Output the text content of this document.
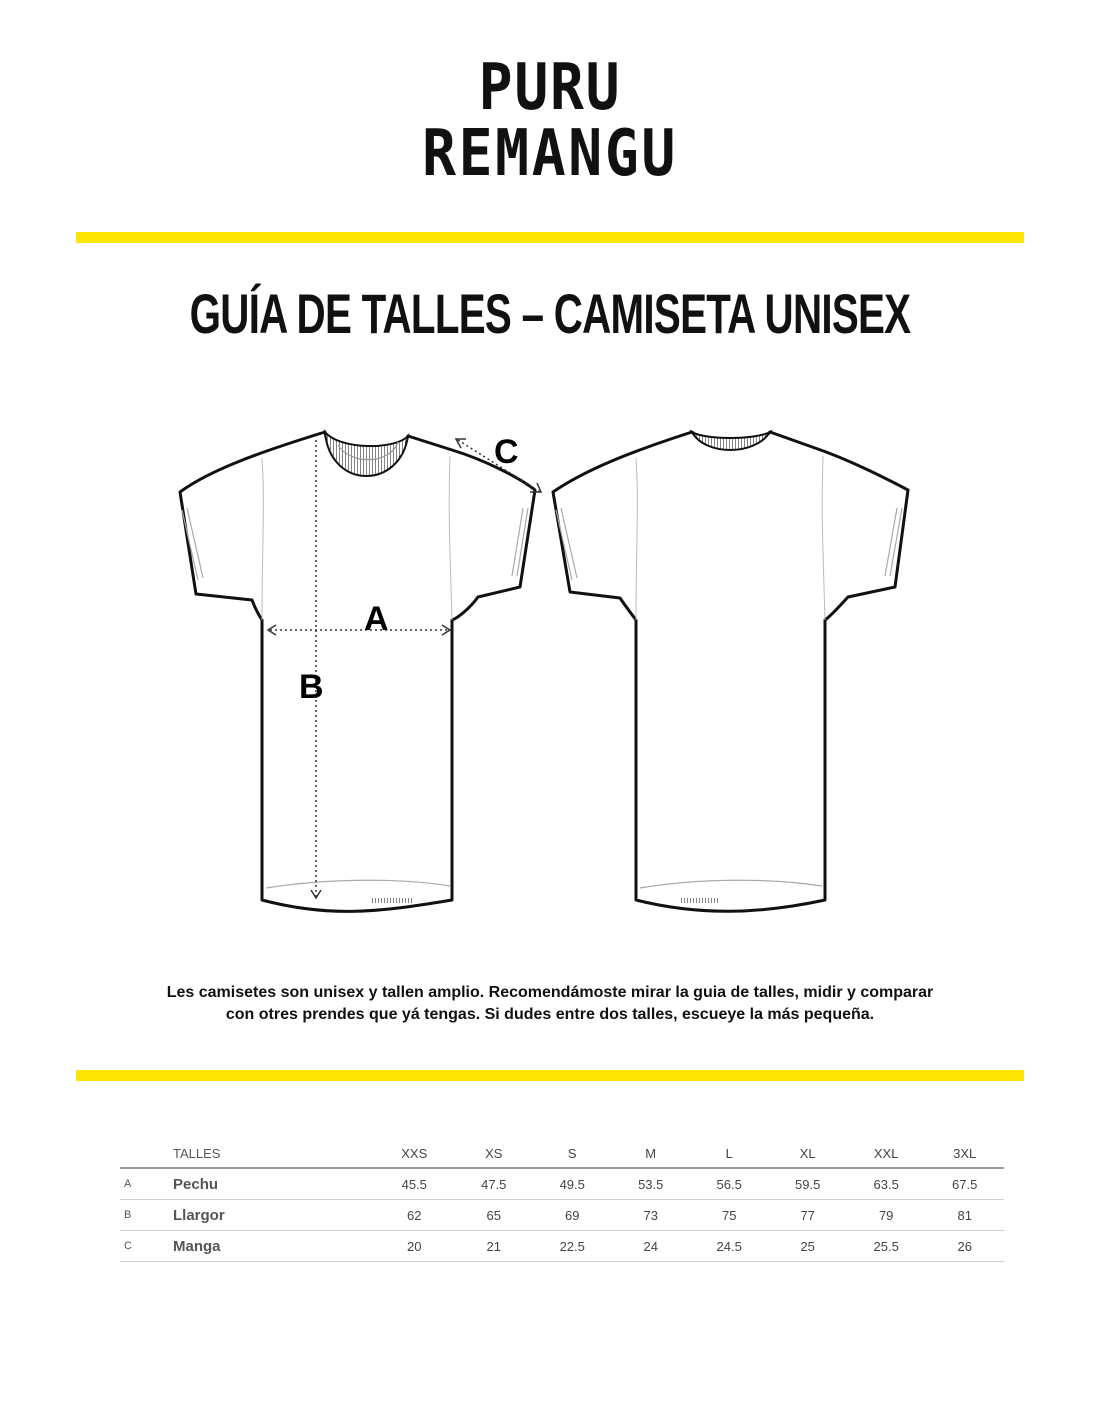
PURU
REMANGU
GUÍA DE TALLES – CAMISETA UNISEX
A
B
C
Les camisetes son unisex y tallen amplio. Recomendámoste mirar la guia de talles, midir y comparar
con otres prendes que yá tengas. Si dudes entre dos talles, escueye la más pequeña.
	TALLES	XXS	XS	S	M	L	XL	XXL	3XL
A	Pechu	45.5	47.5	49.5	53.5	56.5	59.5	63.5	67.5
B	Llargor	62	65	69	73	75	77	79	81
C	Manga	20	21	22.5	24	24.5	25	25.5	26
